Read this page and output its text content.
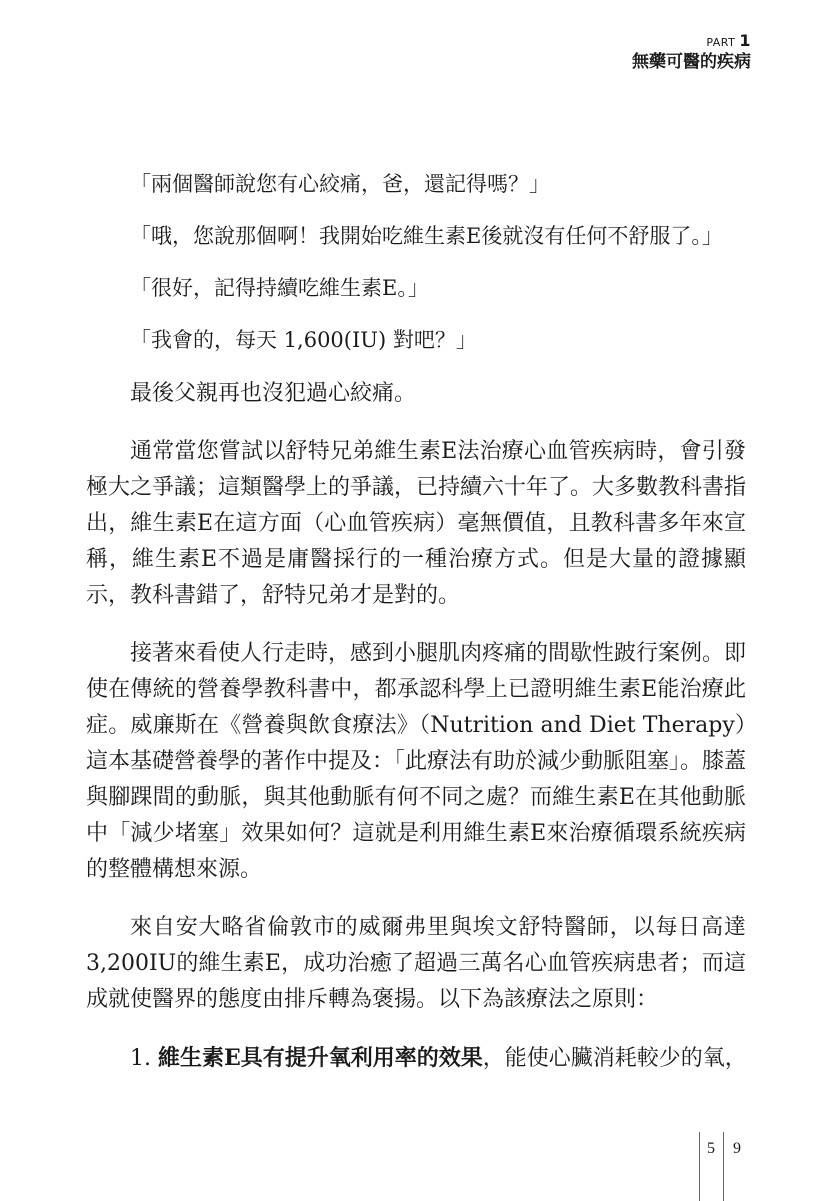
PART 1
無藥可醫的疾病

「兩個醫師說您有心絞痛，爸，還記得嗎？」

「哦，您說那個啊！我開始吃維生素E後就沒有任何不舒服了。」

「很好，記得持續吃維生素E。」

「我會的，每天 1,600(IU) 對吧？」

最後父親再也沒犯過心絞痛。

通常當您嘗試以舒特兄弟維生素E法治療心血管疾病時，會引發極大之爭議；這類醫學上的爭議，已持續六十年了。大多數教科書指出，維生素E在這方面（心血管疾病）毫無價值，且教科書多年來宣稱，維生素E不過是庸醫採行的一種治療方式。但是大量的證據顯示，教科書錯了，舒特兄弟才是對的。

接著來看使人行走時，感到小腿肌肉疼痛的間歇性跛行案例。即使在傳統的營養學教科書中，都承認科學上已證明維生素E能治療此症。威廉斯在《營養與飲食療法》（Nutrition and Diet Therapy）這本基礎營養學的著作中提及：「此療法有助於減少動脈阻塞」。膝蓋與腳踝間的動脈，與其他動脈有何不同之處？而維生素E在其他動脈中「減少堵塞」效果如何？這就是利用維生素E來治療循環系統疾病的整體構想來源。

來自安大略省倫敦市的威爾弗里與埃文舒特醫師，以每日高達3,200IU的維生素E，成功治癒了超過三萬名心血管疾病患者；而這成就使醫界的態度由排斥轉為褒揚。以下為該療法之原則：

1. 維生素E具有提升氧利用率的效果，能使心臟消耗較少的氧，

5 9
